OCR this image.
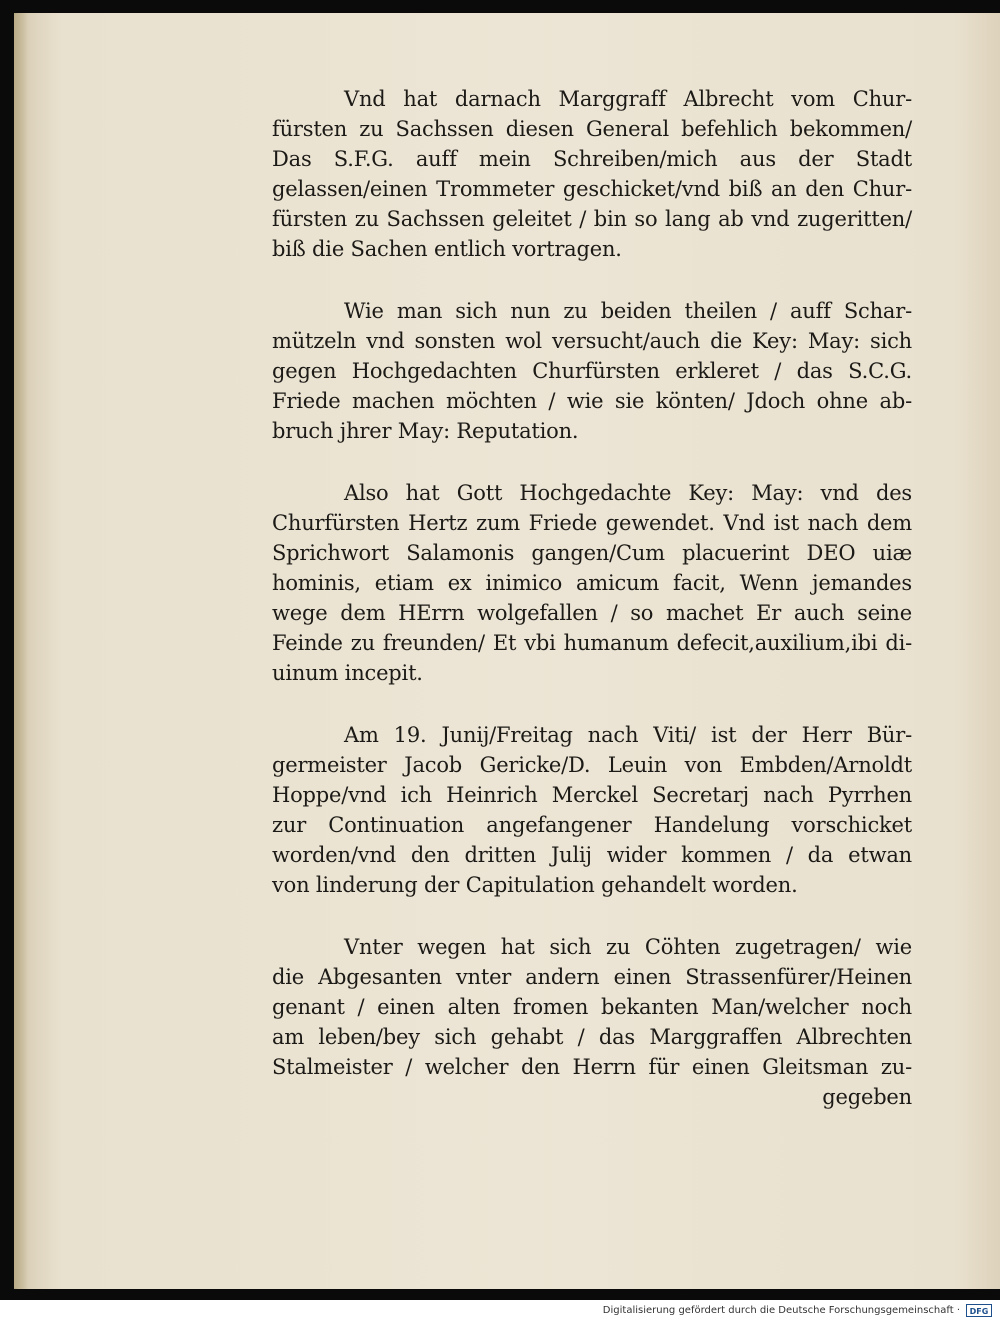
Vnd hat darnach Marggraff Albrecht vom Chur-
fürsten zu Sachssen diesen General befehlich bekommen/
Das S.F.G. auff mein Schreiben/mich aus der Stadt
gelassen/einen Trommeter geschicket/vnd biß an den Chur-
fürsten zu Sachssen geleitet / bin so lang ab vnd zugeritten/
biß die Sachen entlich vortragen.
Wie man sich nun zu beiden theilen / auff Schar-
mützeln vnd sonsten wol versucht/auch die Key: May: sich
gegen Hochgedachten Churfürsten erkleret / das S.C.G.
Friede machen möchten / wie sie könten/ Jdoch ohne ab-
bruch jhrer May: Reputation.
Also hat Gott Hochgedachte Key: May: vnd des
Churfürsten Hertz zum Friede gewendet. Vnd ist nach dem
Sprichwort Salamonis gangen/Cum placuerint DEO uiæ
hominis, etiam ex inimico amicum facit, Wenn jemandes
wege dem HErrn wolgefallen / so machet Er auch seine
Feinde zu freunden/ Et vbi humanum defecit,auxilium,ibi di-
uinum incepit.
Am 19. Junij/Freitag nach Viti/ ist der Herr Bür-
germeister Jacob Gericke/D. Leuin von Embden/Arnoldt
Hoppe/vnd ich Heinrich Merckel Secretarj nach Pyrrhen
zur Continuation angefangener Handelung vorschicket
worden/vnd den dritten Julij wider kommen / da etwan
von linderung der Capitulation gehandelt worden.
Vnter wegen hat sich zu Cöhten zugetragen/ wie
die Abgesanten vnter andern einen Strassenfürer/Heinen
genant / einen alten fromen bekanten Man/welcher noch
am leben/bey sich gehabt / das Marggraffen Albrechten
Stalmeister / welcher den Herrn für einen Gleitsman zu-
gegeben
Digitalisierung gefördert durch die Deutsche Forschungsgemeinschaft ·	DFG
